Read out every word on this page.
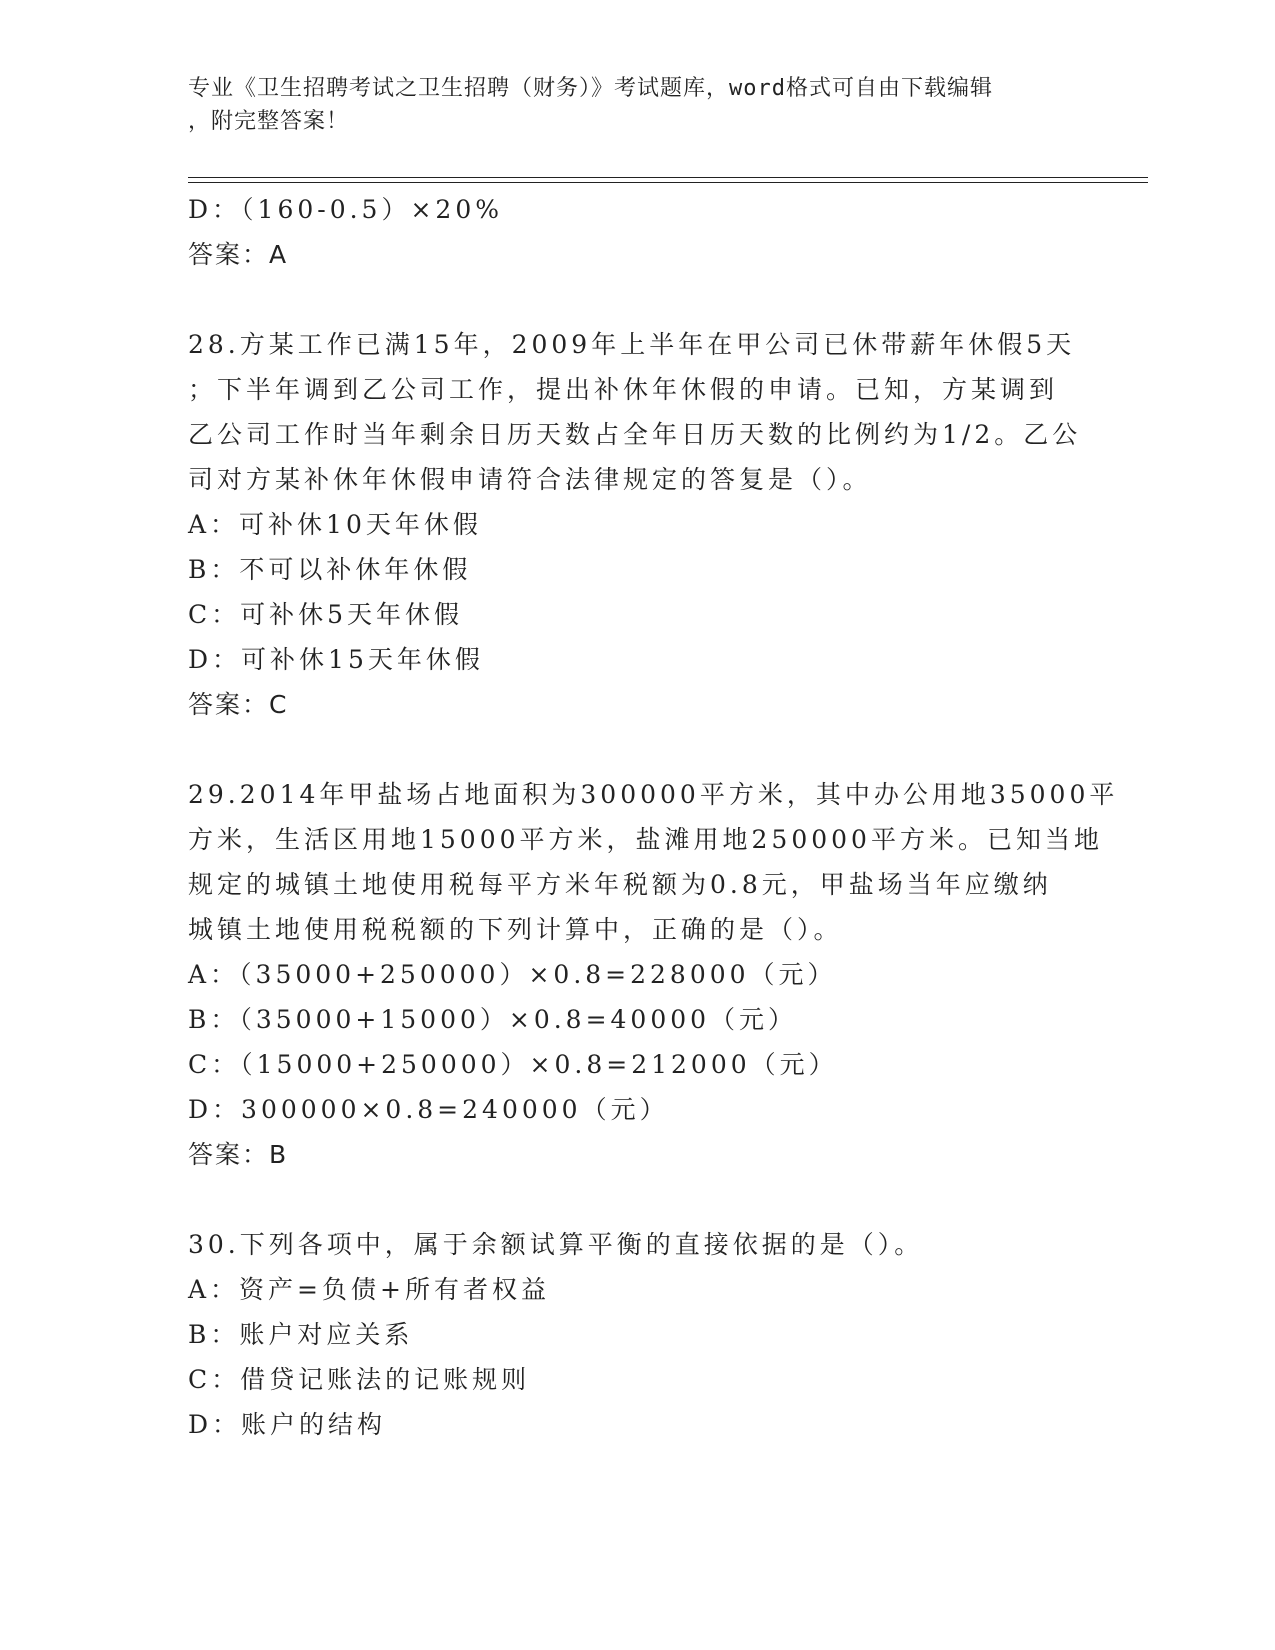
专业《卫生招聘考试之卫生招聘（财务）》考试题库，word格式可自由下载编辑
，附完整答案！
D：（160-0.5）×20%
答案：A
28.方某工作已满15年，2009年上半年在甲公司已休带薪年休假5天
；下半年调到乙公司工作，提出补休年休假的申请。已知，方某调到
乙公司工作时当年剩余日历天数占全年日历天数的比例约为1/2。乙公
司对方某补休年休假申请符合法律规定的答复是（）。
A：可补休10天年休假
B：不可以补休年休假
C：可补休5天年休假
D：可补休15天年休假
答案：C
29.2014年甲盐场占地面积为300000平方米，其中办公用地35000平
方米，生活区用地15000平方米，盐滩用地250000平方米。已知当地
规定的城镇土地使用税每平方米年税额为0.8元，甲盐场当年应缴纳
城镇土地使用税税额的下列计算中，正确的是（）。
A：（35000+250000）×0.8=228000（元）
B：（35000+15000）×0.8=40000（元）
C：（15000+250000）×0.8=212000（元）
D：300000×0.8=240000（元）
答案：B
30.下列各项中，属于余额试算平衡的直接依据的是（）。
A：资产=负债+所有者权益
B：账户对应关系
C：借贷记账法的记账规则
D：账户的结构
